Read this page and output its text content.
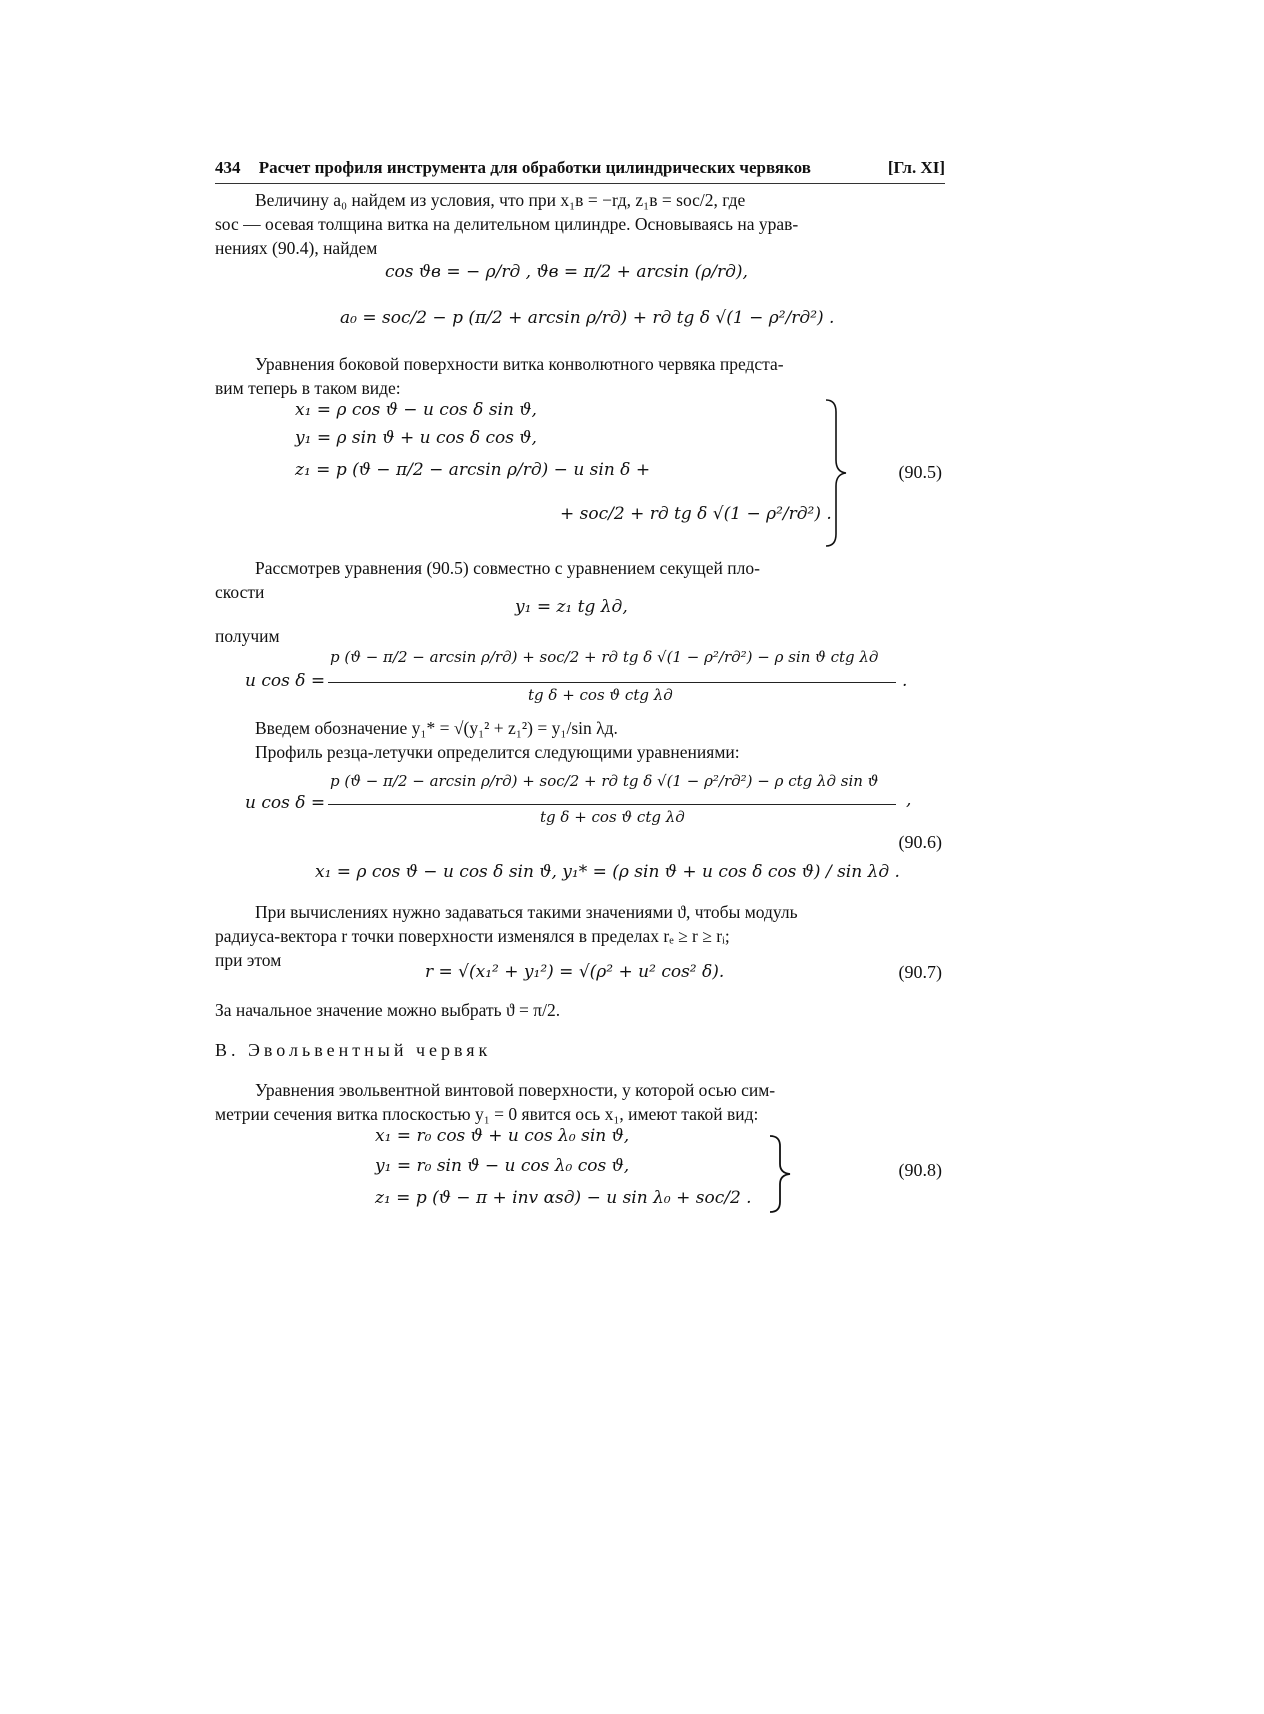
434 Расчет профиля инструмента для обработки цилиндрических червяков	[Гл. XI]
Величину a₀ найдем из условия, что при x₁в = −rд, z₁в = sос/2, где
sос — осевая толщина витка на делительном цилиндре. Основываясь на урав-
нениях (90.4), найдем
cos ϑв = − ρ/rд , ϑв = π/2 + arcsin (ρ/rд),
a₀ = sос/2 − p (π/2 + arcsin ρ/rд) + rд tg δ √(1 − ρ²/rд²) .
Уравнения боковой поверхности витка конволютного червяка предста-
вим теперь в таком виде:
x₁ = ρ cos ϑ − u cos δ sin ϑ,
y₁ = ρ sin ϑ + u cos δ cos ϑ,
z₁ = p (ϑ − π/2 − arcsin ρ/rд) − u sin δ +
+ sос/2 + rд tg δ √(1 − ρ²/rд²) .
(90.5)
Рассмотрев уравнения (90.5) совместно с уравнением секущей пло-
скости
y₁ = z₁ tg λд,
получим
u cos δ =
p (ϑ − π/2 − arcsin ρ/rд) + sос/2 + rд tg δ √(1 − ρ²/rд²) − ρ sin ϑ ctg λд
tg δ + cos ϑ ctg λд
.
Введем обозначение y₁* = √(y₁² + z₁²) = y₁/sin λд.
Профиль резца-летучки определится следующими уравнениями:
u cos δ =
p (ϑ − π/2 − arcsin ρ/rд) + sос/2 + rд tg δ √(1 − ρ²/rд²) − ρ ctg λд sin ϑ
tg δ + cos ϑ ctg λд
,
(90.6)
x₁ = ρ cos ϑ − u cos δ sin ϑ, y₁* = (ρ sin ϑ + u cos δ cos ϑ) / sin λд .
При вычислениях нужно задаваться такими значениями ϑ, чтобы модуль
радиуса-вектора r точки поверхности изменялся в пределах rₑ ≥ r ≥ rᵢ;
при этом
r = √(x₁² + y₁²) = √(ρ² + u² cos² δ).	(90.7)
За начальное значение можно выбрать ϑ = π/2.
В. Эвольвентный червяк
Уравнения эвольвентной винтовой поверхности, у которой осью сим-
метрии сечения витка плоскостью y₁ = 0 явится ось x₁, имеют такой вид:
x₁ = r₀ cos ϑ + u cos λ₀ sin ϑ,
y₁ = r₀ sin ϑ − u cos λ₀ cos ϑ,
z₁ = p (ϑ − π + inv αsд) − u sin λ₀ + sос/2 .
(90.8)
